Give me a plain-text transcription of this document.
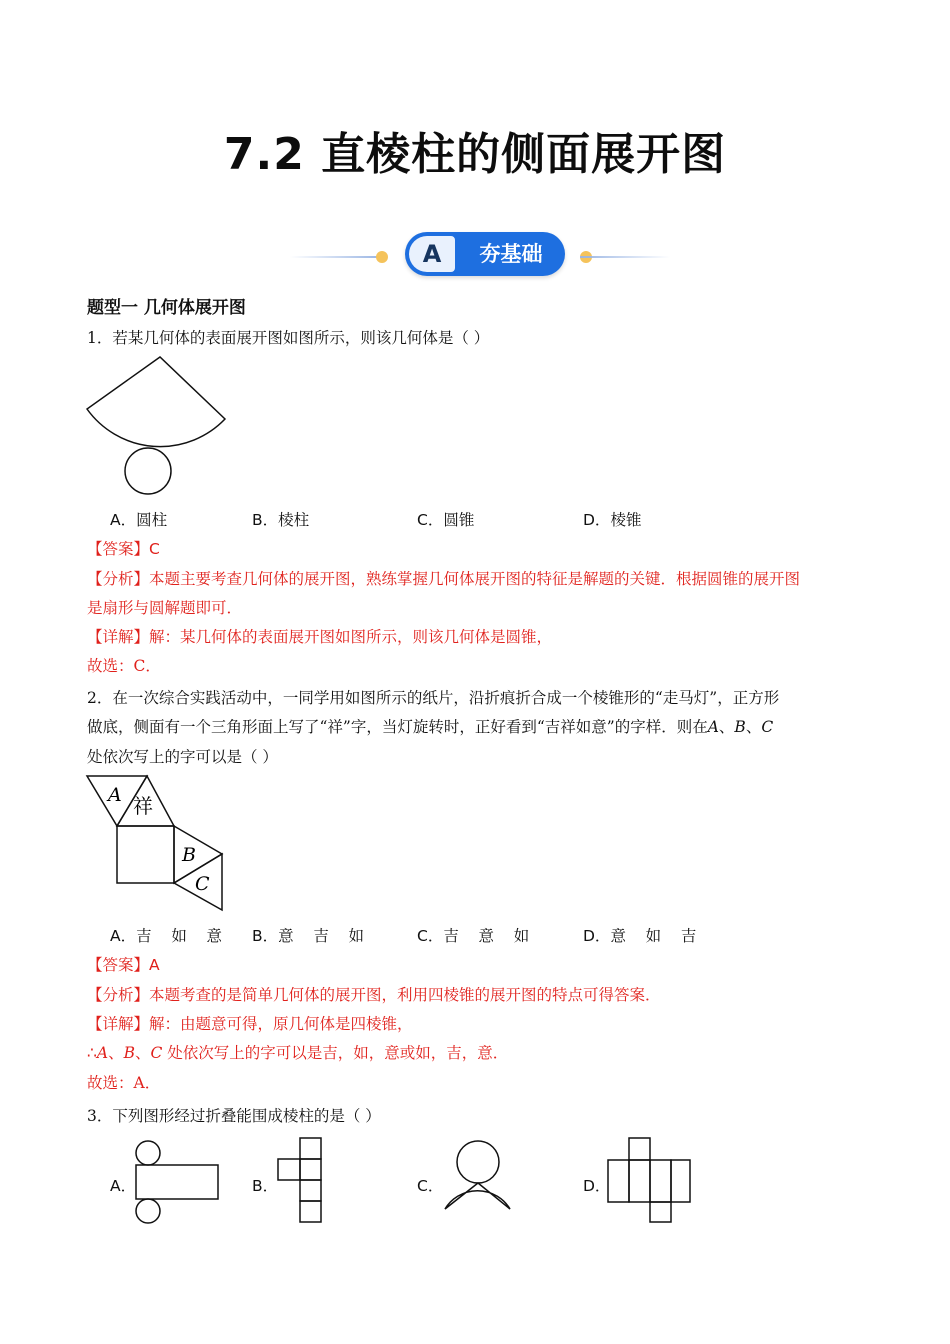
7.2 直棱柱的侧面展开图
A	夯基础
题型一 几何体展开图
1．若某几何体的表面展开图如图所示，则该几何体是（ ）
A．圆柱	B．棱柱	C．圆锥	D．棱锥
【答案】C
【分析】本题主要考查几何体的展开图，熟练掌握几何体展开图的特征是解题的关键．根据圆锥的展开图
是扇形与圆解题即可．
【详解】解：某几何体的表面展开图如图所示，则该几何体是圆锥，
故选：C．
2．在一次综合实践活动中，一同学用如图所示的纸片，沿折痕折合成一个棱锥形的“走马灯”，正方形
做底，侧面有一个三角形面上写了“祥”字，当灯旋转时，正好看到“吉祥如意”的字样．则在A、B、C
处依次写上的字可以是（ ）
A 祥
B
C
A．吉    如    意 B．意    吉    如	C．吉    意    如	D．意    如    吉
【答案】A
【分析】本题考查的是简单几何体的展开图，利用四棱锥的展开图的特点可得答案．
【详解】解：由题意可得，原几何体是四棱锥，
∴A、B、C 处依次写上的字可以是吉，如，意或如，吉，意．
故选：A．
3．下列图形经过折叠能围成棱柱的是（ ）
A．	B．	C．	D．
